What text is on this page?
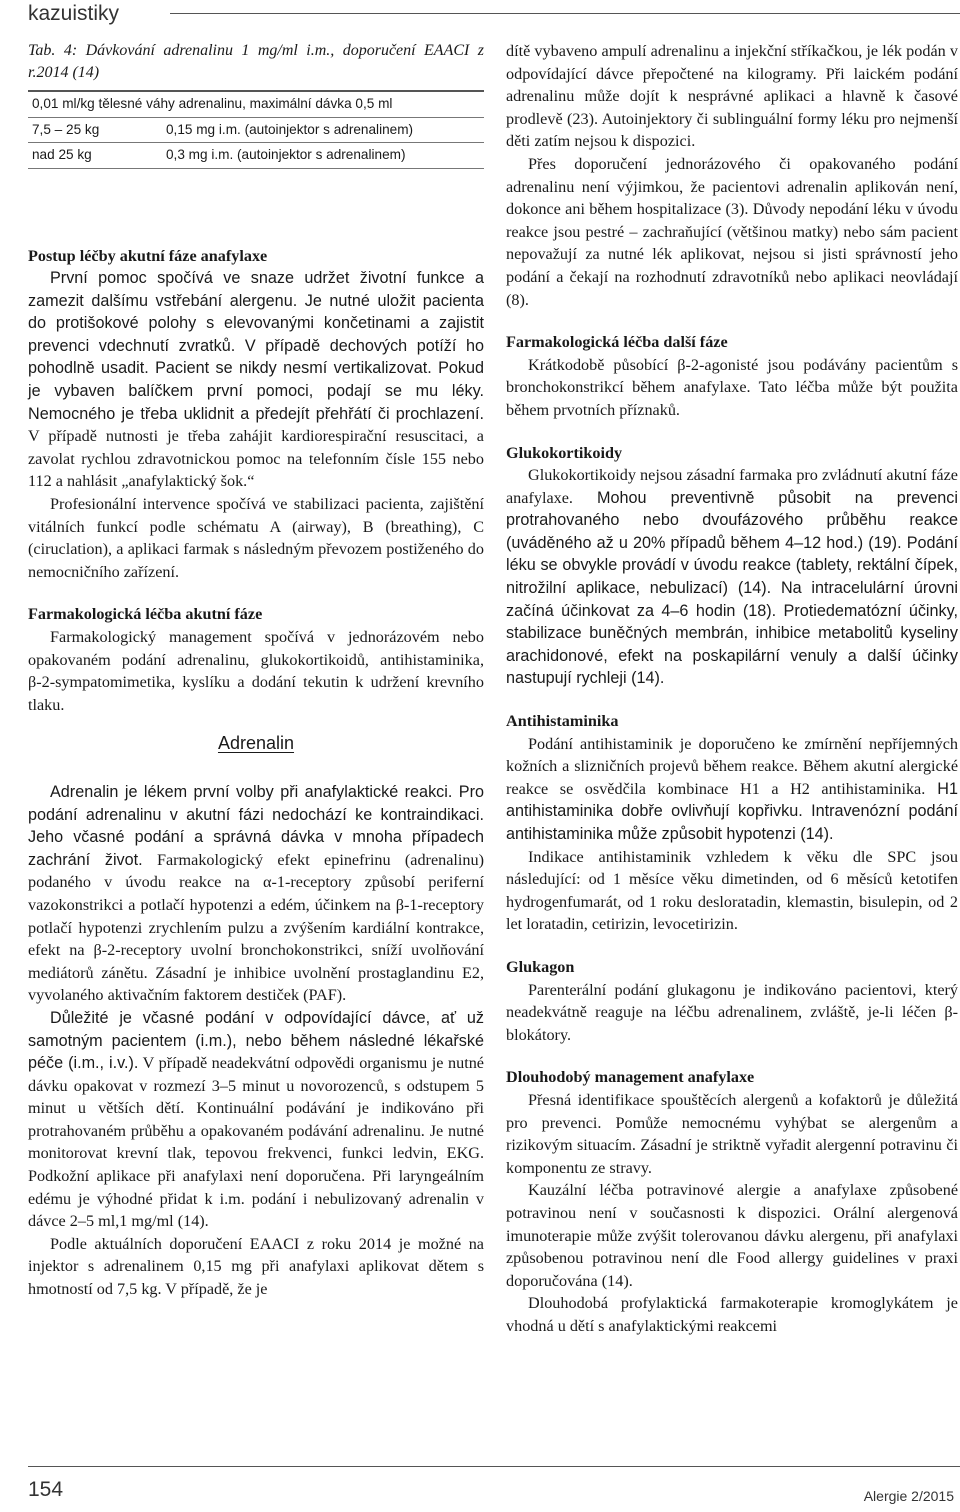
kazuistiky
Tab. 4: Dávkování adrenalinu 1 mg/ml i.m., doporučení EAACI z r.2014 (14)
0,01 ml/kg tělesné váhy adrenalinu, maximální dávka 0,5 ml
7,5 – 25 kg	0,15 mg i.m. (autoinjektor s adrenalinem)
nad 25 kg	0,3 mg i.m. (autoinjektor s adrenalinem)
Postup léčby akutní fáze anafylaxe

První pomoc spočívá ve snaze udržet životní funkce a zamezit dalšímu vstřebání alergenu. Je nutné uložit pacienta do protišokové polohy s elevovanými končetinami a zajistit prevenci vdechnutí zvratků. V případě dechových potíží ho pohodlně usadit. Pacient se nikdy nesmí vertikalizovat. Pokud je vybaven balíčkem první pomoci, podají se mu léky. Nemocného je třeba uklidnit a předejít přehřátí či prochlazení. V případě nutnosti je třeba zahájit kardiorespirační resuscitaci, a zavolat rychlou zdravotnickou pomoc na telefonním čísle 155 nebo 112 a nahlásit „anafylaktický šok.“

Profesionální intervence spočívá ve stabilizaci pacienta, zajištění vitálních funkcí podle schématu A (airway), B (breathing), C (ciruclation), a aplikaci farmak s následným převozem postiženého do nemocničního zařízení.

Farmakologická léčba akutní fáze

Farmakologický management spočívá v jednorázovém nebo opakovaném podání adrenalinu, glukokortikoidů, antihistaminika, β-2-sympatomimetika, kyslíku a dodání tekutin k udržení krevního tlaku.

Adrenalin

Adrenalin je lékem první volby při anafylaktické reakci. Pro podání adrenalinu v akutní fázi nedochází ke kontraindikaci. Jeho včasné podání a správná dávka v mnoha případech zachrání život. Farmakologický efekt epinefrinu (adrenalinu) podaného v úvodu reakce na α-1-receptory způsobí periferní vazokonstrikci a potlačí hypotenzi a edém, účinkem na β-1-receptory potlačí hypotenzi zrychlením pulzu a zvýšením kardiální kontrakce, efekt na β-2-receptory uvolní bronchokonstrikci, sníží uvolňování mediátorů zánětu. Zásadní je inhibice uvolnění prostaglandinu E2, vyvolaného aktivačním faktorem destiček (PAF).

Důležité je včasné podání v odpovídající dávce, ať už samotným pacientem (i.m.), nebo během následné lékařské péče (i.m., i.v.). V případě neadekvátní odpovědi organismu je nutné dávku opakovat v rozmezí 3–5 minut u novorozenců, s odstupem 5 minut u větších dětí. Kontinuální podávání je indikováno při protrahovaném průběhu a opakovaném podávání adrenalinu. Je nutné monitorovat krevní tlak, tepovou frekvenci, funkci ledvin, EKG. Podkožní aplikace při anafylaxi není doporučena. Při laryngeálním edému je výhodné přidat k i.m. podání i nebulizovaný adrenalin v dávce 2–5 ml,1 mg/ml (14).

Podle aktuálních doporučení EAACI z roku 2014 je možné na injektor s adrenalinem 0,15 mg při anafylaxi aplikovat dětem s hmotností od 7,5 kg. V případě, že je

dítě vybaveno ampulí adrenalinu a injekční stříkačkou, je lék podán v odpovídající dávce přepočtené na kilogramy. Při laickém podání adrenalinu může dojít k nesprávné aplikaci a hlavně k časové prodlevě (23). Autoinjektory či sublinguální formy léku pro nejmenší děti zatím nejsou k dispozici.

Přes doporučení jednorázového či opakovaného podání adrenalinu není výjimkou, že pacientovi adrenalin aplikován není, dokonce ani během hospitalizace (3). Důvody nepodání léku v úvodu reakce jsou pestré – zachraňující (většinou matky) nebo sám pacient nepovažují za nutné lék aplikovat, nejsou si jisti správností jeho podání a čekají na rozhodnutí zdravotníků nebo aplikaci neovládají (8).

Farmakologická léčba další fáze

Krátkodobě působící β-2-agonisté jsou podávány pacientům s bronchokonstrikcí během anafylaxe. Tato léčba může být použita během prvotních příznaků.

Glukokortikoidy

Glukokortikoidy nejsou zásadní farmaka pro zvládnutí akutní fáze anafylaxe. Mohou preventivně působit na prevenci protrahovaného nebo dvoufázového průběhu reakce (uváděného až u 20% případů během 4–12 hod.) (19). Podání léku se obvykle provádí v úvodu reakce (tablety, rektální čípek, nitrožilní aplikace, nebulizací) (14). Na intracelulární úrovni začíná účinkovat za 4–6 hodin (18). Protiedematózní účinky, stabilizace buněčných membrán, inhibice metabolitů kyseliny arachidonové, efekt na poskapilární venuly a další účinky nastupují rychleji (14).

Antihistaminika

Podání antihistaminik je doporučeno ke zmírnění nepříjemných kožních a slizničních projevů během reakce. Během akutní alergické reakce se osvědčila kombinace H1 a H2 antihistaminika. H1 antihistaminika dobře ovlivňují kopřivku. Intravenózní podání antihistaminika může způsobit hypotenzi (14).

Indikace antihistaminik vzhledem k věku dle SPC jsou následující: od 1 měsíce věku dimetinden, od 6 měsíců ketotifen hydrogenfumarát, od 1 roku desloratadin, klemastin, bisulepin, od 2 let loratadin, cetirizin, levocetirizin.

Glukagon

Parenterální podání glukagonu je indikováno pacientovi, který neadekvátně reaguje na léčbu adrenalinem, zvláště, je-li léčen β-blokátory.

Dlouhodobý management anafylaxe

Přesná identifikace spouštěcích alergenů a kofaktorů je důležitá pro prevenci. Pomůže nemocnému vyhýbat se alergenům a rizikovým situacím. Zásadní je striktně vyřadit alergenní potravinu či komponentu ze stravy.

Kauzální léčba potravinové alergie a anafylaxe způsobené potravinou není v současnosti k dispozici. Orální alergenová imunoterapie může zvýšit tolerovanou dávku alergenu, při anafylaxi způsobenou potravinou není dle Food allergy guidelines v praxi doporučována (14).

Dlouhodobá profylaktická farmakoterapie kromoglykátem je vhodná u dětí s anafylaktickými reakcemi

154	Alergie 2/2015
